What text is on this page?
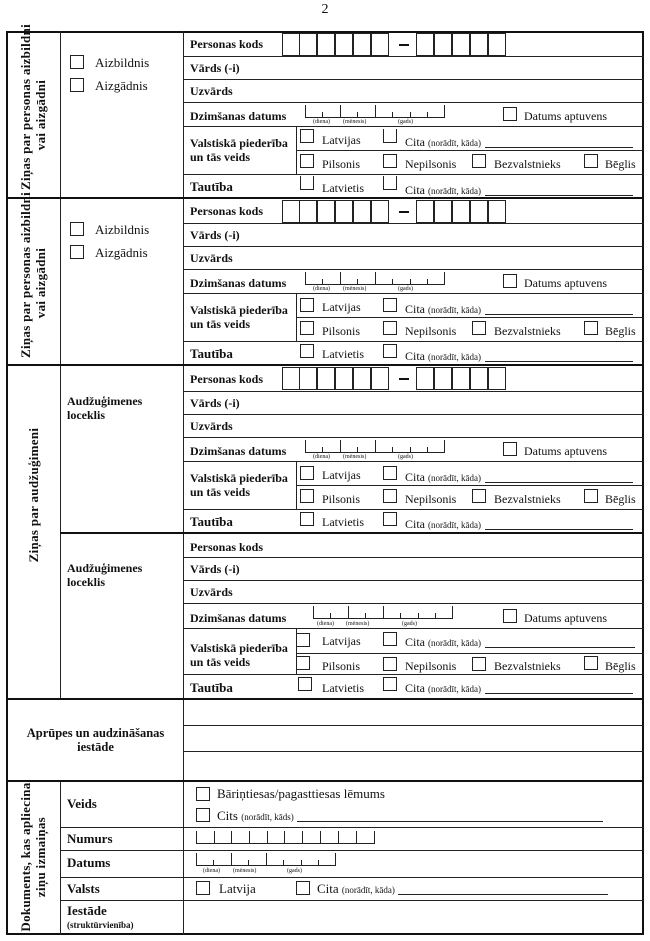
2
Ziņas par personas aizbildni vai aizgādni
Aizbildnis
Aizgādnis
Ziņas par personas aizbildni vai aizgādni
Aizbildnis
Aizgādnis
Ziņas par audžuģimeni
Audžuģimenes
loceklis
Audžuģimenes
loceklis
Personas kods
Vārds (-i)
Uzvārds
Dzimšanas datums	(diena) (mēnesis)	(gads)	Datums aptuvens
Valstiskā piederība
un tās veids
Latvijas	Cita (norādīt, kāda)
Pilsonis	Nepilsonis	Bezvalstnieks	Bēglis
Tautība	Latvietis	Cita (norādīt, kāda)
Personas kods
Vārds (-i)
Uzvārds
Dzimšanas datums	(diena) (mēnesis)	(gads)	Datums aptuvens
Valstiskā piederība
un tās veids
Latvijas	Cita (norādīt, kāda)
Pilsonis	Nepilsonis	Bezvalstnieks	Bēglis
Tautība	Latvietis	Cita (norādīt, kāda)
Personas kods
Vārds (-i)
Uzvārds
Dzimšanas datums	(diena) (mēnesis)	(gads)	Datums aptuvens
Valstiskā piederība
un tās veids
Latvijas	Cita (norādīt, kāda)
Pilsonis	Nepilsonis	Bezvalstnieks	Bēglis
Tautība	Latvietis	Cita (norādīt, kāda)
Personas kods
Vārds (-i)
Uzvārds
Dzimšanas datums	(diena) (mēnesis)	(gads)	Datums aptuvens
Valstiskā piederība
un tās veids
Latvijas	Cita (norādīt, kāda)
Pilsonis	Nepilsonis	Bezvalstnieks	Bēglis
Tautība	Latvietis	Cita (norādīt, kāda)
Aprūpes un audzināšanas
iestāde
Dokuments, kas apliecina ziņu izmaiņas
Veids
Bāriņtiesas/pagasttiesas lēmums
Cits (norādīt, kāds)
Numurs
Datums
(diena) (mēnesis)	(gads)
Valsts	Latvija	Cita (norādīt, kāda)
Iestāde
(struktūrvienība)
